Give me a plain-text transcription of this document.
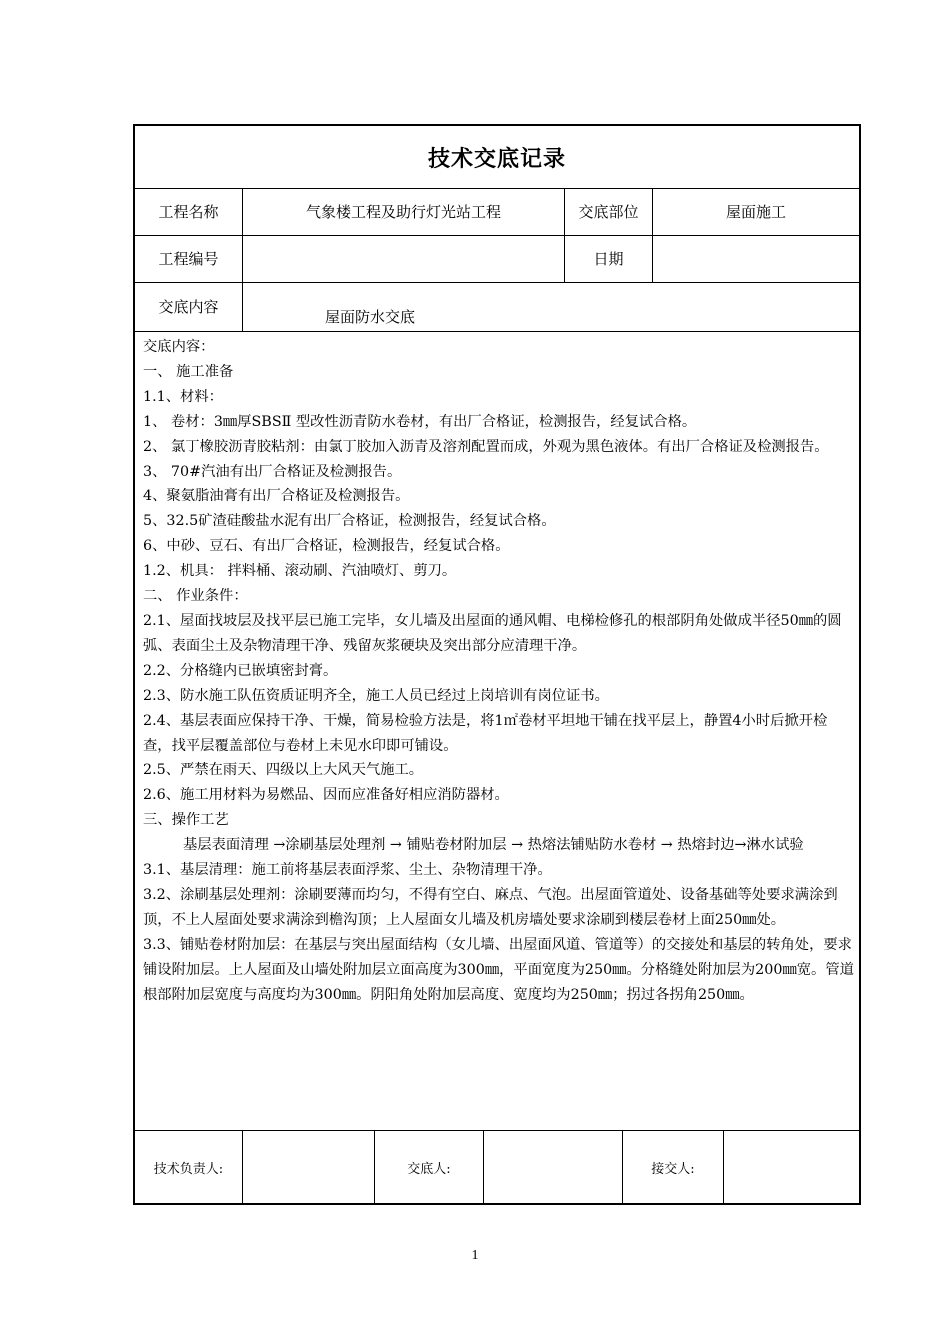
技术交底记录
工程名称	气象楼工程及助行灯光站工程	交底部位	屋面施工
工程编号	日期
交底内容
屋面防水交底

交底内容：

一、 施工准备

1.1、材料：

1、 卷材：3㎜厚SBSⅡ 型改性沥青防水卷材，有出厂合格证，检测报告，经复试合格。

2、 氯丁橡胶沥青胶粘剂：由氯丁胶加入沥青及溶剂配置而成，外观为黑色液体。有出厂合格证及检测报告。

3、 70#汽油有出厂合格证及检测报告。

4、聚氨脂油膏有出厂合格证及检测报告。

5、32.5矿渣硅酸盐水泥有出厂合格证，检测报告，经复试合格。

6、中砂、豆石、有出厂合格证，检测报告，经复试合格。

1.2、机具： 拌料桶、滚动刷、汽油喷灯、剪刀。

二、 作业条件：

2.1、屋面找坡层及找平层已施工完毕，女儿墙及出屋面的通风帽、电梯检修孔的根部阴角处做成半径50㎜的圆弧、表面尘土及杂物清理干净、残留灰浆硬块及突出部分应清理干净。

2.2、分格缝内已嵌填密封膏。

2.3、防水施工队伍资质证明齐全，施工人员已经过上岗培训有岗位证书。

2.4、基层表面应保持干净、干燥，简易检验方法是，将1㎡卷材平坦地干铺在找平层上，静置4小时后掀开检查，找平层覆盖部位与卷材上未见水印即可铺设。

2.5、严禁在雨天、四级以上大风天气施工。

2.6、施工用材料为易燃品、因而应准备好相应消防器材。

三、操作工艺

基层表面清理 →涂刷基层处理剂 → 铺贴卷材附加层 → 热熔法铺贴防水卷材 → 热熔封边→淋水试验

3.1、基层清理：施工前将基层表面浮浆、尘土、杂物清理干净。

3.2、涂刷基层处理剂：涂刷要薄而均匀，不得有空白、麻点、气泡。出屋面管道处、设备基础等处要求满涂到顶，不上人屋面处要求满涂到檐沟顶；上人屋面女儿墙及机房墙处要求涂刷到楼层卷材上面250㎜处。

3.3、铺贴卷材附加层：在基层与突出屋面结构（女儿墙、出屋面风道、管道等）的交接处和基层的转角处，要求铺设附加层。上人屋面及山墙处附加层立面高度为300㎜，平面宽度为250㎜。分格缝处附加层为200㎜宽。管道根部附加层宽度与高度均为300㎜。阴阳角处附加层高度、宽度均为250㎜；拐过各拐角250㎜。

技术负责人:	交底人:	接交人:
1
